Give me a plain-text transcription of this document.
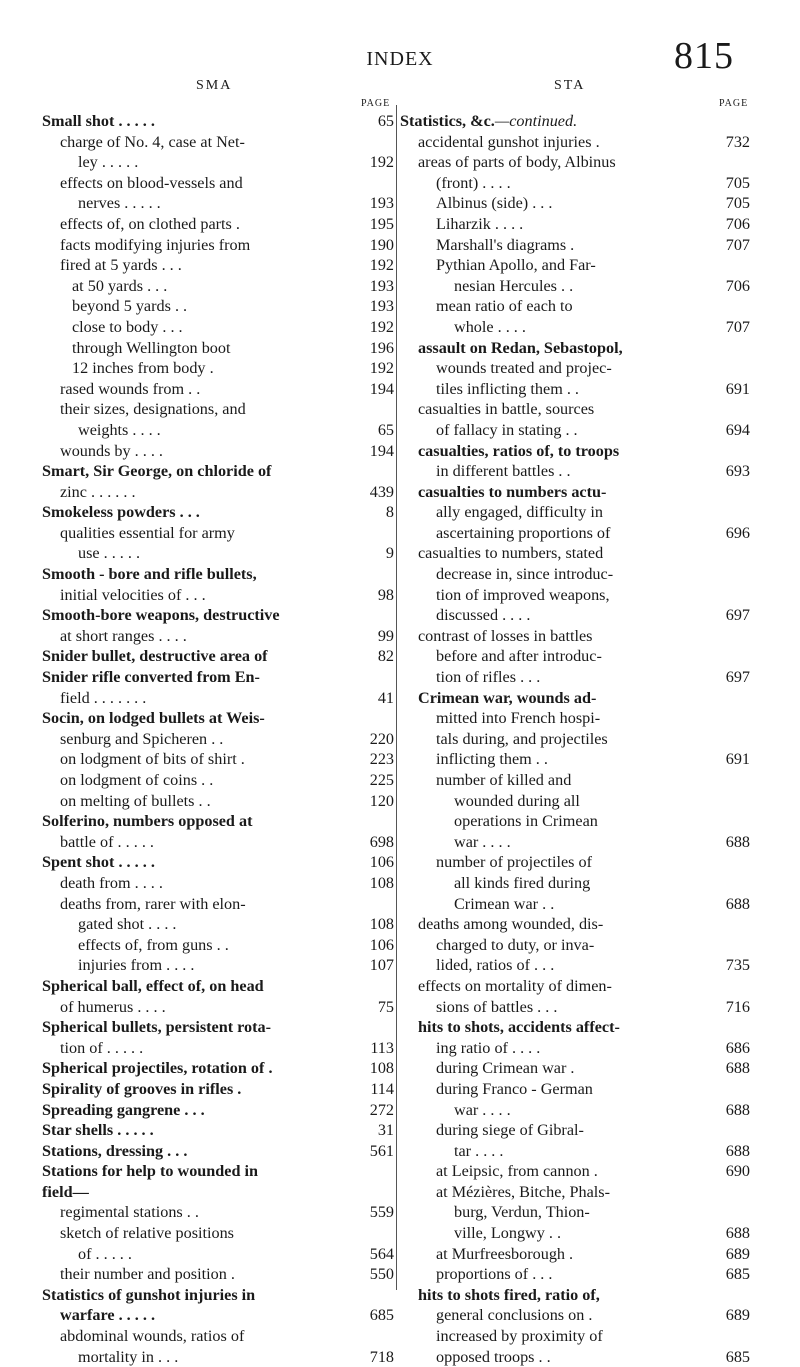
INDEX	815
SMA	STA
PAGE	PAGE
Small shot . . . . .	65
charge of No. 4, case at Net-
ley . . . . .	192
effects on blood-vessels and
nerves . . . . .	193
effects of, on clothed parts .	195
facts modifying injuries from	190
fired at 5 yards . . .	192
at 50 yards . . .	193
beyond 5 yards . .	193
close to body . . .	192
through Wellington boot	196
12 inches from body .	192
rased wounds from . .	194
their sizes, designations, and
weights . . . .	65
wounds by . . . .	194
Smart, Sir George, on chloride of
zinc . . . . . .	439
Smokeless powders . . .	8
qualities essential for army
use . . . . .	9
Smooth - bore and rifle bullets,
initial velocities of . . .	98
Smooth-bore weapons, destructive
at short ranges . . . .	99
Snider bullet, destructive area of	82
Snider rifle converted from En-
field . . . . . . .	41
Socin, on lodged bullets at Weis-
senburg and Spicheren . .	220
on lodgment of bits of shirt .	223
on lodgment of coins . .	225
on melting of bullets . .	120
Solferino, numbers opposed at
battle of . . . . .	698
Spent shot . . . . .	106
death from . . . .	108
deaths from, rarer with elon-
gated shot . . . .	108
effects of, from guns . .	106
injuries from . . . .	107
Spherical ball, effect of, on head
of humerus . . . .	75
Spherical bullets, persistent rota-
tion of . . . . .	113
Spherical projectiles, rotation of .	108
Spirality of grooves in rifles .	114
Spreading gangrene . . .	272
Star shells . . . . .	31
Stations, dressing . . .	561
Stations for help to wounded in
field—
regimental stations . .	559
sketch of relative positions
of . . . . .	564
their number and position .	550
Statistics of gunshot injuries in
warfare . . . . .	685
abdominal wounds, ratios of
mortality in . . .	718
Statistics, &c.—continued.
accidental gunshot injuries .	732
areas of parts of body, Albinus
(front) . . . .	705
Albinus (side) . . .	705
Liharzik . . . .	706
Marshall's diagrams .	707
Pythian Apollo, and Far-
nesian Hercules . .	706
mean ratio of each to
whole . . . .	707
assault on Redan, Sebastopol,
wounds treated and projec-
tiles inflicting them . .	691
casualties in battle, sources
of fallacy in stating . .	694
casualties, ratios of, to troops
in different battles . .	693
casualties to numbers actu-
ally engaged, difficulty in
ascertaining proportions of	696
casualties to numbers, stated
decrease in, since introduc-
tion of improved weapons,
discussed . . . .	697
contrast of losses in battles
before and after introduc-
tion of rifles . . .	697
Crimean war, wounds ad-
mitted into French hospi-
tals during, and projectiles
inflicting them . .	691
number of killed and
wounded during all
operations in Crimean
war . . . .	688
number of projectiles of
all kinds fired during
Crimean war . .	688
deaths among wounded, dis-
charged to duty, or inva-
lided, ratios of . . .	735
effects on mortality of dimen-
sions of battles . . .	716
hits to shots, accidents affect-
ing ratio of . . . .	686
during Crimean war .	688
during Franco - German
war . . . .	688
during siege of Gibral-
tar . . . .	688
at Leipsic, from cannon .	690
at Mézières, Bitche, Phals-
burg, Verdun, Thion-
ville, Longwy . .	688
at Murfreesborough .	689
proportions of . . .	685
hits to shots fired, ratio of,
general conclusions on .	689
increased by proximity of
opposed troops . .	685
